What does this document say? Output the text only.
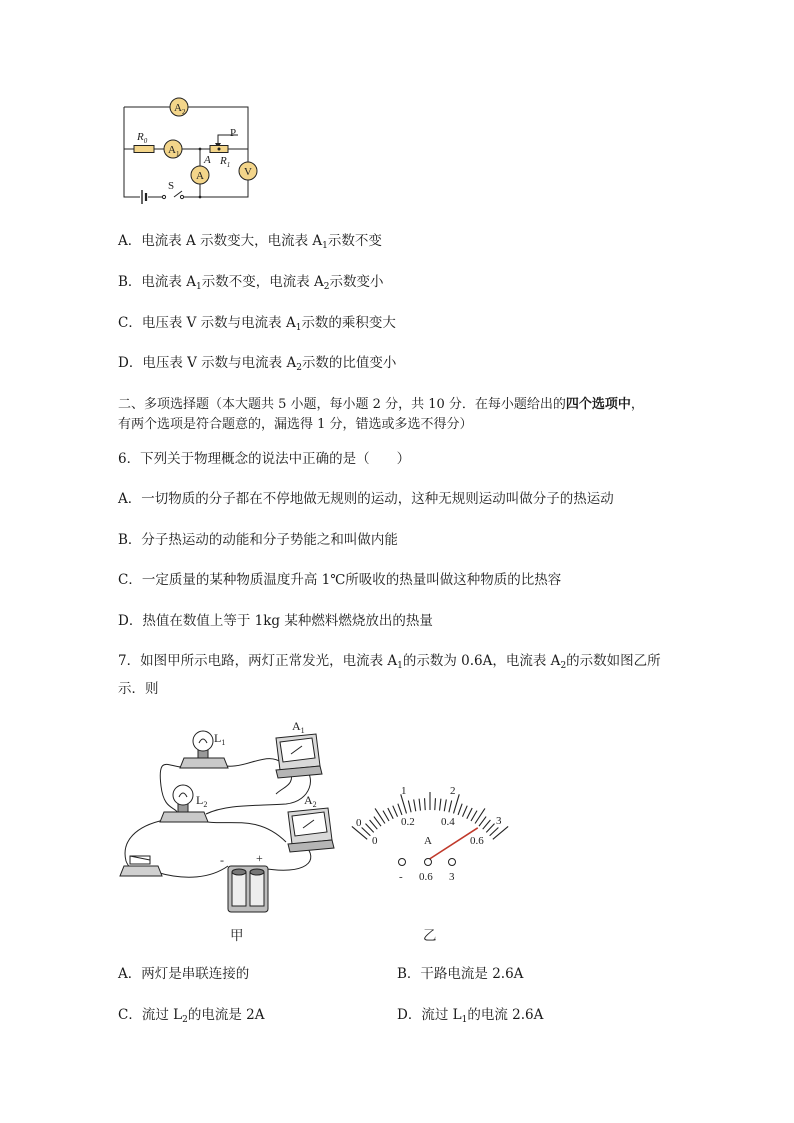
$A_2$
$R_0$
$A_1$
P
A $R_1$
A	V
S
A．电流表 A 示数变大，电流表 $A_1$示数不变
B．电流表 $A_1$示数不变，电流表 $A_2$示数变小
C．电压表 V 示数与电流表 $A_1$示数的乘积变大
D．电压表 V 示数与电流表 $A_2$示数的比值变小
二、多项选择题（本大题共 5 小题，每小题 2 分，共 10 分．在每小题给出的四个选项中，
有两个选项是符合题意的，漏选得 1 分，错选或多选不得分）
6．下列关于物理概念的说法中正确的是（　　）
A．一切物质的分子都在不停地做无规则的运动，这种无规则运动叫做分子的热运动
B．分子热运动的动能和分子势能之和叫做内能
C．一定质量的某种物质温度升高 1℃所吸收的热量叫做这种物质的比热容
D．热值在数值上等于 1kg 某种燃料燃烧放出的热量
7．如图甲所示电路，两灯正常发光，电流表 $A_1$的示数为 0.6A，电流表 $A_2$的示数如图乙所
示．则
$L_1$
$L_2$
$A_1$
$A_2$
-	+
甲
0
1	2
3
0
0.2 0.4
0.6
A
- 0.6 3
乙
A．两灯是串联连接的	B．干路电流是 2.6A
C．流过 $L_2$的电流是 2A	D．流过 $L_1$的电流 2.6A
